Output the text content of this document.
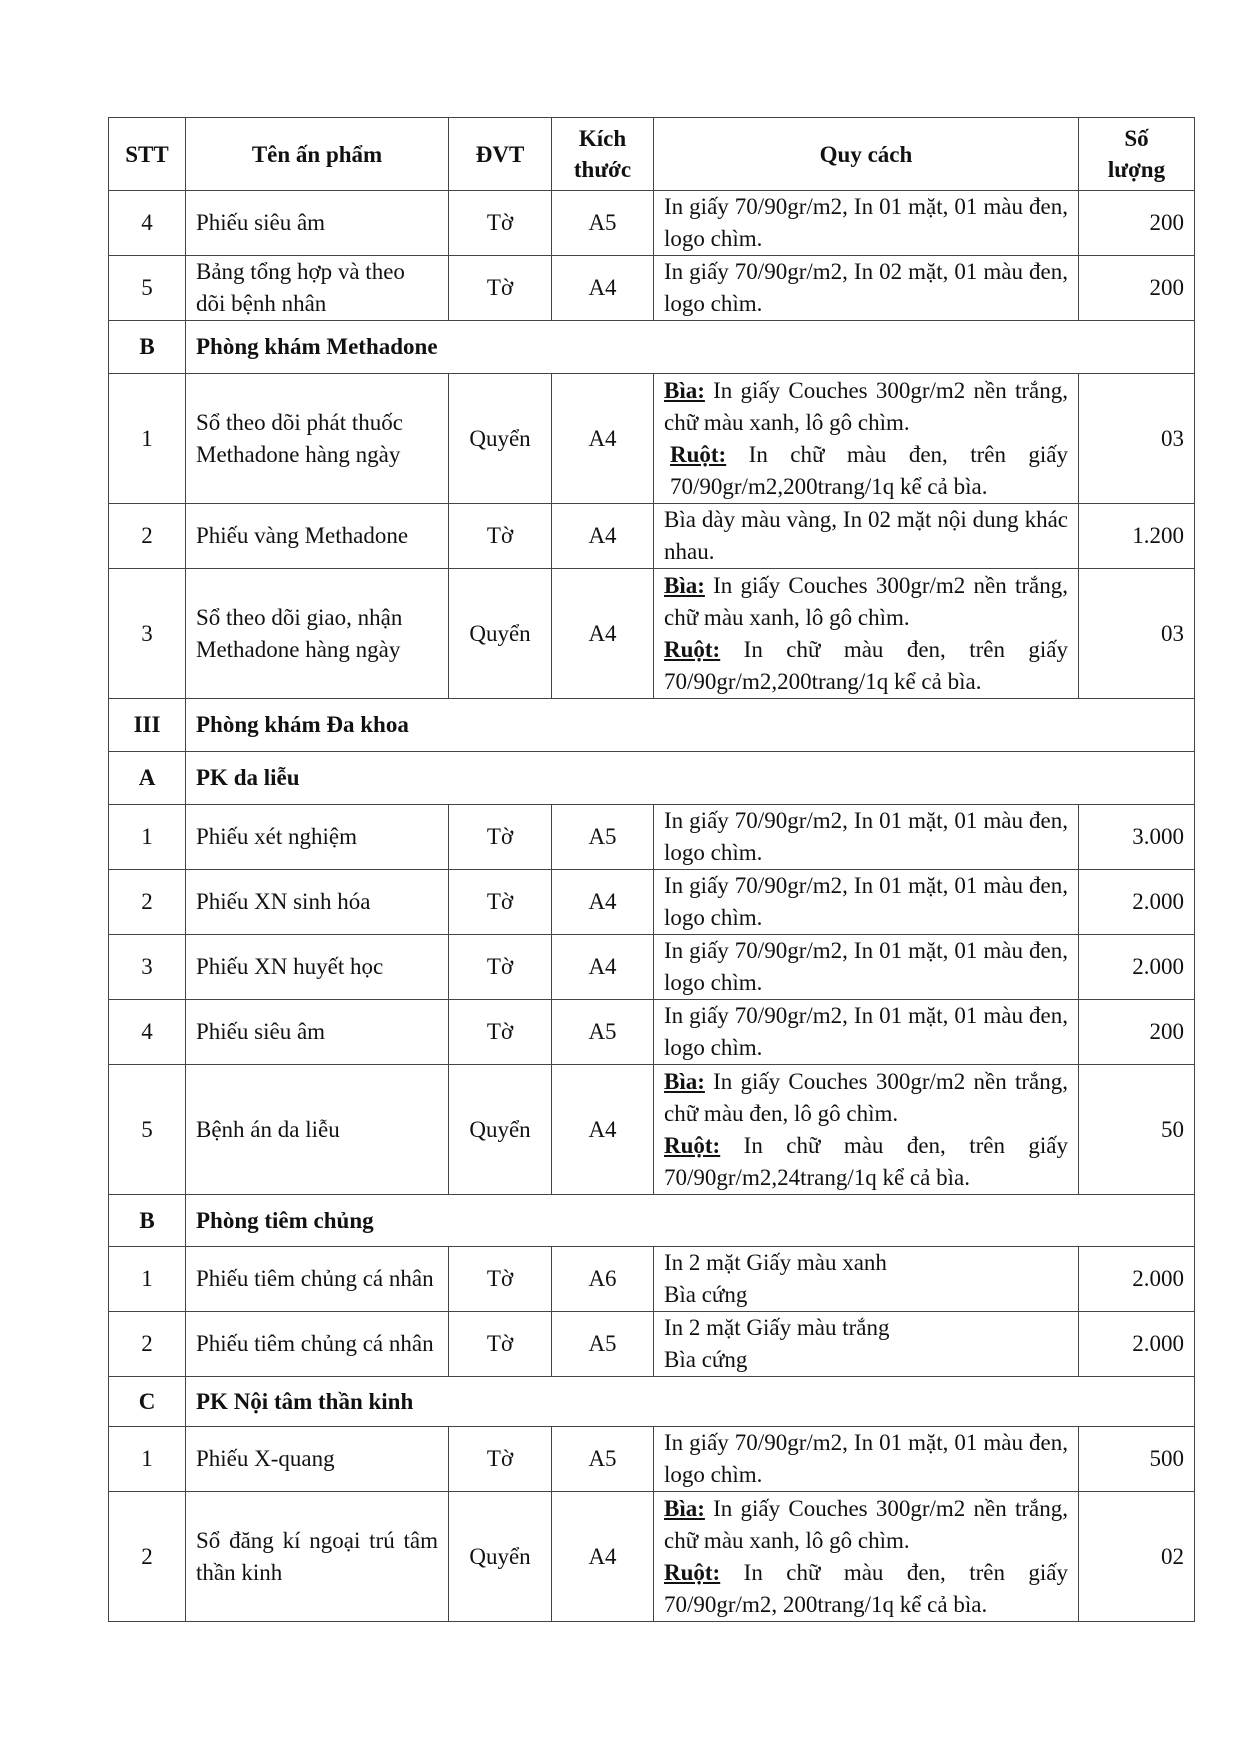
STT	Tên ấn phẩm	ĐVT	Kích
thước	Quy cách	Số
lượng
4	Phiếu siêu âm	Tờ	A5	In giấy 70/90gr/m2, In 01 mặt, 01 màu đen, logo chìm.	200
5	Bảng tổng hợp và theo dõi bệnh nhân	Tờ	A4	In giấy 70/90gr/m2, In 02 mặt, 01 màu đen, logo chìm.	200
B	Phòng khám Methadone				
1	Sổ theo dõi phát thuốc Methadone hàng ngày	Quyển	A4	Bìa: In giấy Couches 300gr/m2 nền trắng, chữ màu xanh, lô gô chìm.
Ruột: In chữ màu đen, trên giấy 70/90gr/m2,200trang/1q kể cả bìa.	03
2	Phiếu vàng Methadone	Tờ	A4	Bìa dày màu vàng, In 02 mặt nội dung khác nhau.	1.200
3	Sổ theo dõi giao, nhận Methadone hàng ngày	Quyển	A4	Bìa: In giấy Couches 300gr/m2 nền trắng, chữ màu xanh, lô gô chìm.
Ruột: In chữ màu đen, trên giấy 70/90gr/m2,200trang/1q kể cả bìa.	03
III	Phòng khám Đa khoa				
A	PK da liễu				
1	Phiếu xét nghiệm	Tờ	A5	In giấy 70/90gr/m2, In 01 mặt, 01 màu đen, logo chìm.	3.000
2	Phiếu XN sinh hóa	Tờ	A4	In giấy 70/90gr/m2, In 01 mặt, 01 màu đen, logo chìm.	2.000
3	Phiếu XN huyết học	Tờ	A4	In giấy 70/90gr/m2, In 01 mặt, 01 màu đen, logo chìm.	2.000
4	Phiếu siêu âm	Tờ	A5	In giấy 70/90gr/m2, In 01 mặt, 01 màu đen, logo chìm.	200
5	Bệnh án da liễu	Quyển	A4	Bìa: In giấy Couches 300gr/m2 nền trắng, chữ màu đen, lô gô chìm.
Ruột: In chữ màu đen, trên giấy 70/90gr/m2,24trang/1q kể cả bìa.	50
B	Phòng tiêm chủng				
1	Phiếu tiêm chủng cá nhân	Tờ	A6	In 2 mặt Giấy màu xanh
Bìa cứng	2.000
2	Phiếu tiêm chủng cá nhân	Tờ	A5	In 2 mặt Giấy màu trắng
Bìa cứng	2.000
C	PK Nội tâm thần kinh				
1	Phiếu X-quang	Tờ	A5	In giấy 70/90gr/m2, In 01 mặt, 01 màu đen, logo chìm.	500
2	Sổ đăng kí ngoại trú tâm thần kinh	Quyển	A4	Bìa: In giấy Couches 300gr/m2 nền trắng, chữ màu xanh, lô gô chìm.
Ruột: In chữ màu đen, trên giấy 70/90gr/m2, 200trang/1q kể cả bìa.	02
